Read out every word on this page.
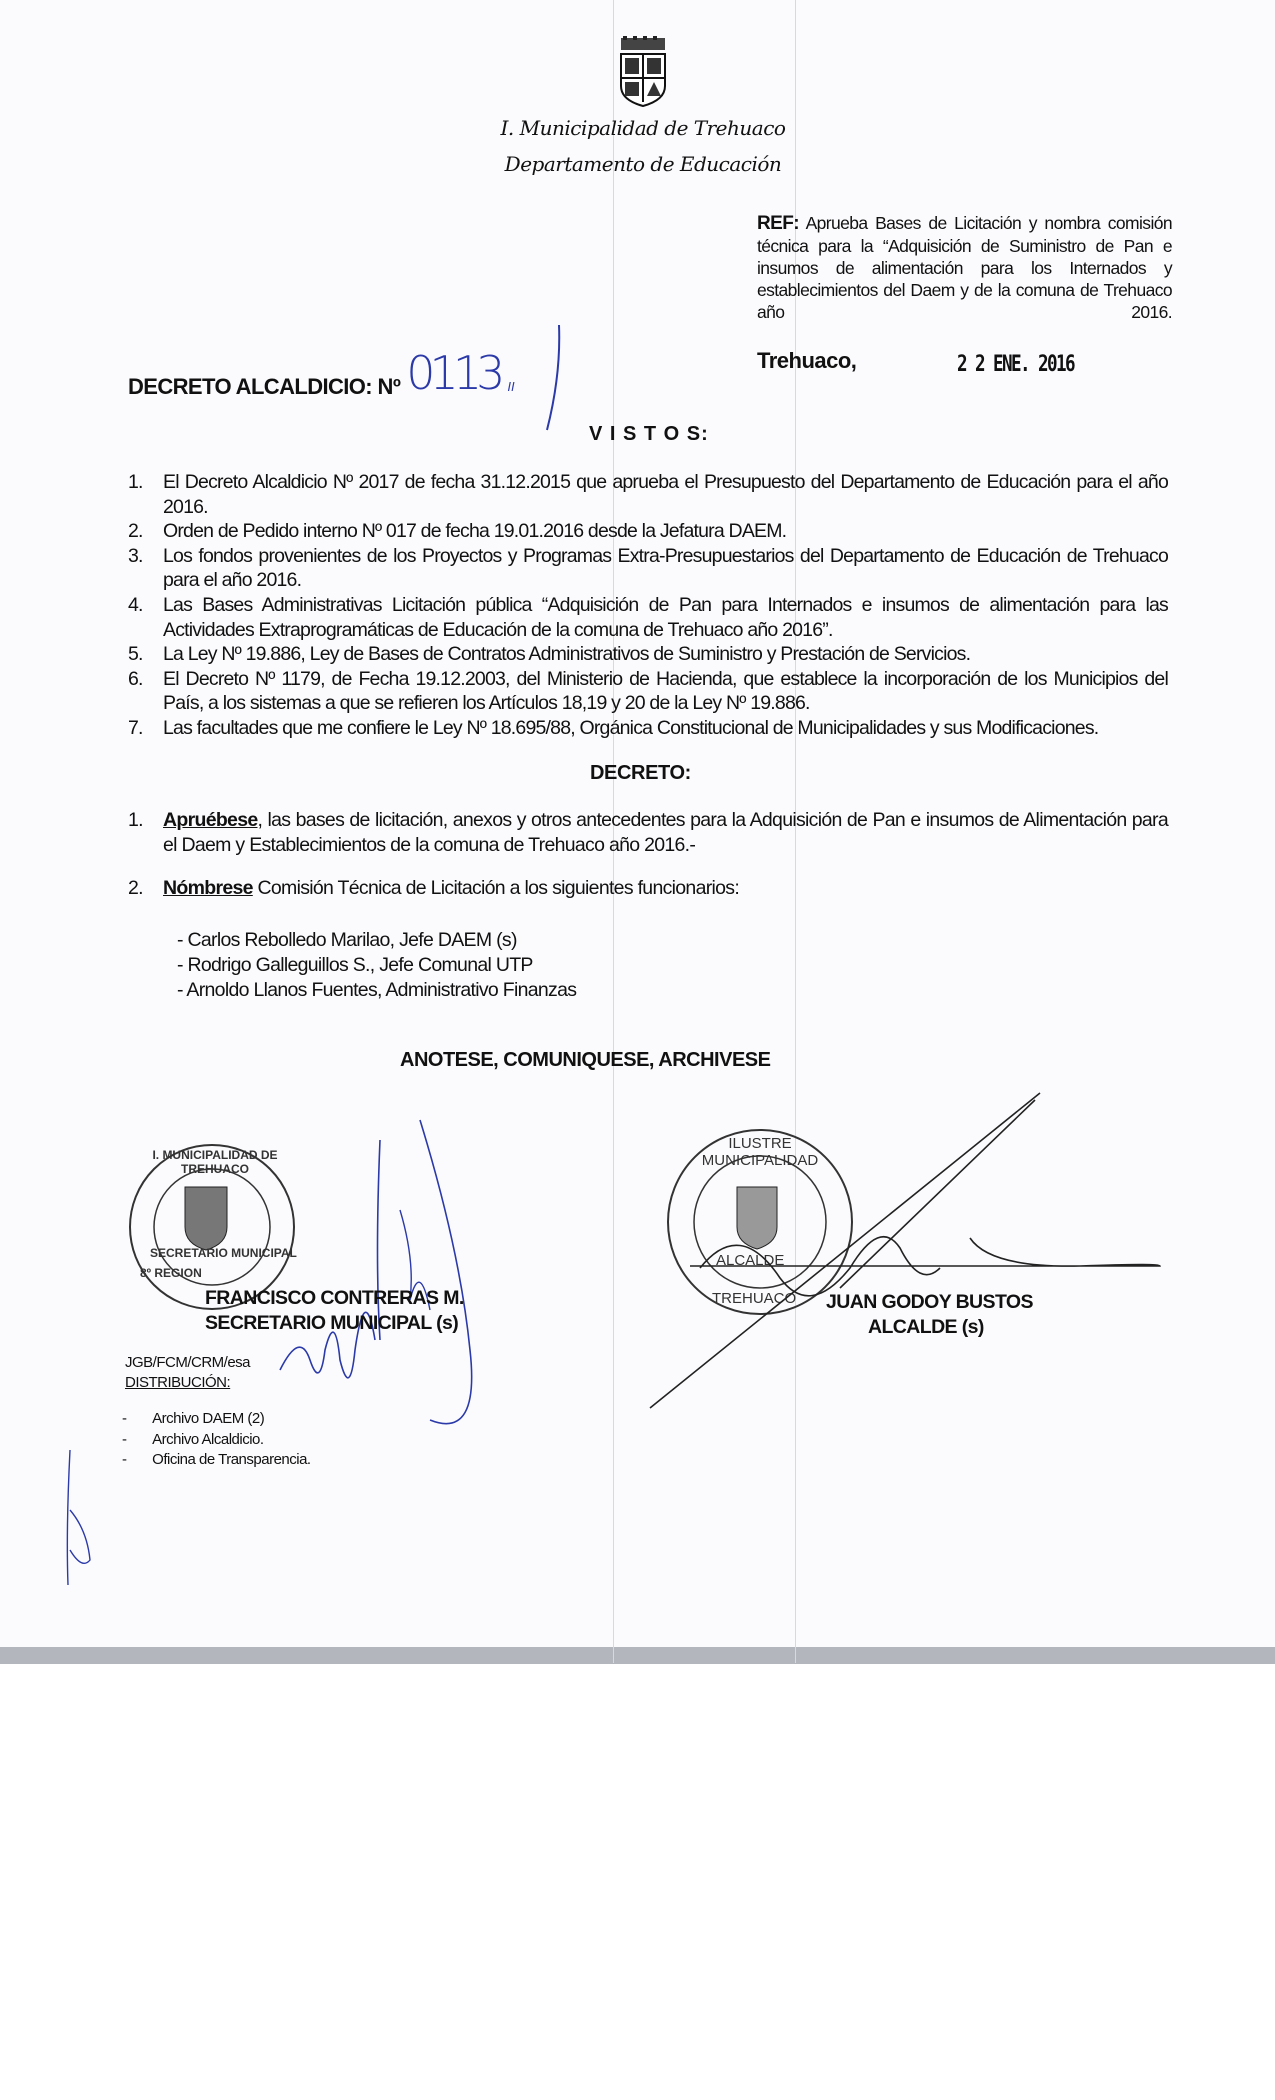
I. Municipalidad de Trehuaco
Departamento de Educación
REF: Aprueba Bases de Licitación y nombra comisión técnica para la “Adquisición de Suministro de Pan e insumos de alimentación para los Internados y establecimientos del Daem y de la comuna de Trehuaco año 2016.
Trehuaco,	2 2 ENE. 2016
DECRETO ALCALDICIO: Nº 0113 II
V I S T O S:
1. El Decreto Alcaldicio Nº 2017 de fecha 31.12.2015 que aprueba el Presupuesto del Departamento de Educación para el año 2016.
2. Orden de Pedido interno Nº 017 de fecha 19.01.2016 desde la Jefatura DAEM.
3. Los fondos provenientes de los Proyectos y Programas Extra-Presupuestarios del Departamento de Educación de Trehuaco para el año 2016.
4. Las Bases Administrativas Licitación pública “Adquisición de Pan para Internados e insumos de alimentación para las Actividades Extraprogramáticas de Educación de la comuna de Trehuaco año 2016”.
5. La Ley Nº 19.886, Ley de Bases de Contratos Administrativos de Suministro y Prestación de Servicios.
6. El Decreto Nº 1179, de Fecha 19.12.2003, del Ministerio de Hacienda, que establece la incorporación de los Municipios del País, a los sistemas a que se refieren los Artículos 18,19 y 20 de la Ley Nº 19.886.
7. Las facultades que me confiere le Ley Nº 18.695/88, Orgánica Constitucional de Municipalidades y sus Modificaciones.
DECRETO:
1.	Apruébese, las bases de licitación, anexos y otros antecedentes para la Adquisición de Pan e insumos de Alimentación para el Daem y Establecimientos de la comuna de Trehuaco año 2016.-
2.	Nómbrese Comisión Técnica de Licitación a los siguientes funcionarios:
- Carlos Rebolledo Marilao, Jefe DAEM (s)
- Rodrigo Galleguillos S., Jefe Comunal UTP
- Arnoldo Llanos Fuentes, Administrativo Finanzas
ANOTESE, COMUNIQUESE, ARCHIVESE
I. MUNICIPALIDAD DE TREHUACO
SECRETARIO MUNICIPAL
8º REGION
ILUSTRE MUNICIPALIDAD
ALCALDE
TREHUACO
FRANCISCO CONTRERAS M.
SECRETARIO MUNICIPAL (s)
JUAN GODOY BUSTOS
ALCALDE (s)
JGB/FCM/CRM/esa
DISTRIBUCIÓN:
-       Archivo DAEM (2)
-       Archivo Alcaldicio.
-       Oficina de Transparencia.
